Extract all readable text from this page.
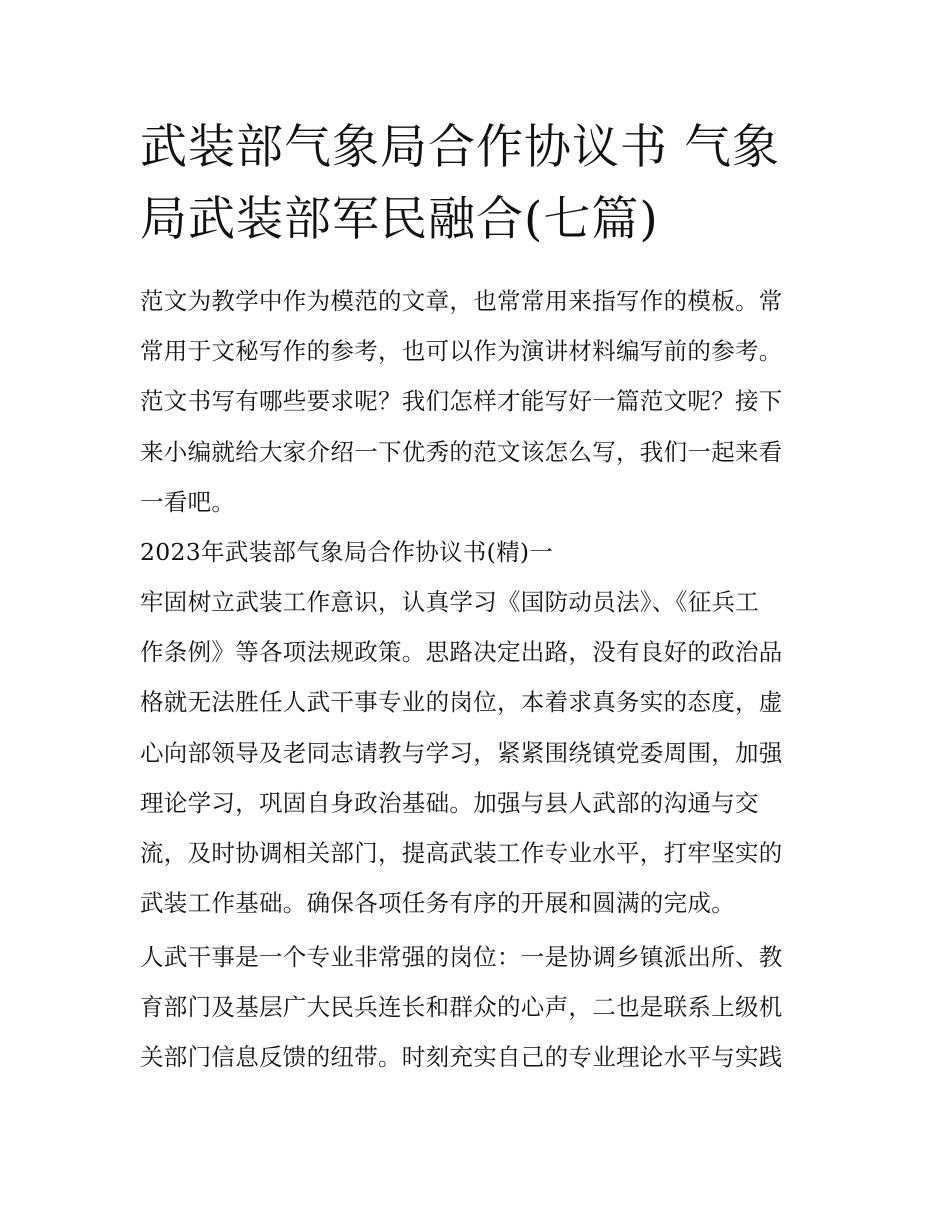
武装部气象局合作协议书 气象
局武装部军民融合(七篇)

范文为教学中作为模范的文章，也常常用来指写作的模板。常
常用于文秘写作的参考，也可以作为演讲材料编写前的参考。
范文书写有哪些要求呢？我们怎样才能写好一篇范文呢？接下
来小编就给大家介绍一下优秀的范文该怎么写，我们一起来看
一看吧。

2023年武装部气象局合作协议书(精)一

牢固树立武装工作意识，认真学习《国防动员法》、《征兵工
作条例》等各项法规政策。思路决定出路，没有良好的政治品
格就无法胜任人武干事专业的岗位，本着求真务实的态度，虚
心向部领导及老同志请教与学习，紧紧围绕镇党委周围，加强
理论学习，巩固自身政治基础。加强与县人武部的沟通与交
流，及时协调相关部门，提高武装工作专业水平，打牢坚实的
武装工作基础。确保各项任务有序的开展和圆满的完成。

人武干事是一个专业非常强的岗位：一是协调乡镇派出所、教
育部门及基层广大民兵连长和群众的心声，二也是联系上级机
关部门信息反馈的纽带。时刻充实自己的专业理论水平与实践
